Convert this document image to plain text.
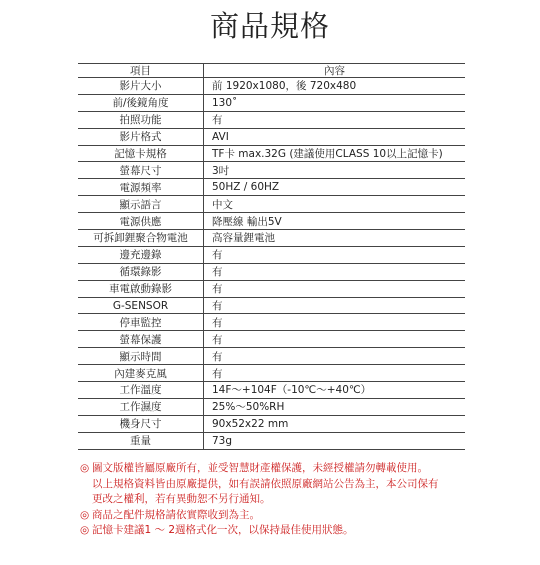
商品規格
項目	內容
影片大小	前 1920x1080，後 720x480
前/後鏡角度	130˚
拍照功能	有
影片格式	AVI
記憶卡規格	TF卡 max.32G (建議使用CLASS 10以上記憶卡)
螢幕尺寸	3吋
電源頻率	50HZ / 60HZ
顯示語言	中文
電源供應	降壓線 輸出5V
可拆卸鋰聚合物電池	高容量鋰電池
邊充邊錄	有
循環錄影	有
車電啟動錄影	有
G-SENSOR	有
停車監控	有
螢幕保護	有
顯示時間	有
內建麥克風	有
工作溫度	14F～+104F（-10℃～+40℃）
工作濕度	25%～50%RH
機身尺寸	90x52x22 mm
重量	73g
◎ 圖文版權皆屬原廠所有，並受智慧財產權保護，未經授權請勿轉載使用。
以上規格資料皆由原廠提供，如有誤請依照原廠網站公告為主，本公司保有
更改之權利，若有異動恕不另行通知。
◎ 商品之配件規格請依實際收到為主。
◎ 記憶卡建議1 ～ 2週格式化一次，以保持最佳使用狀態。
